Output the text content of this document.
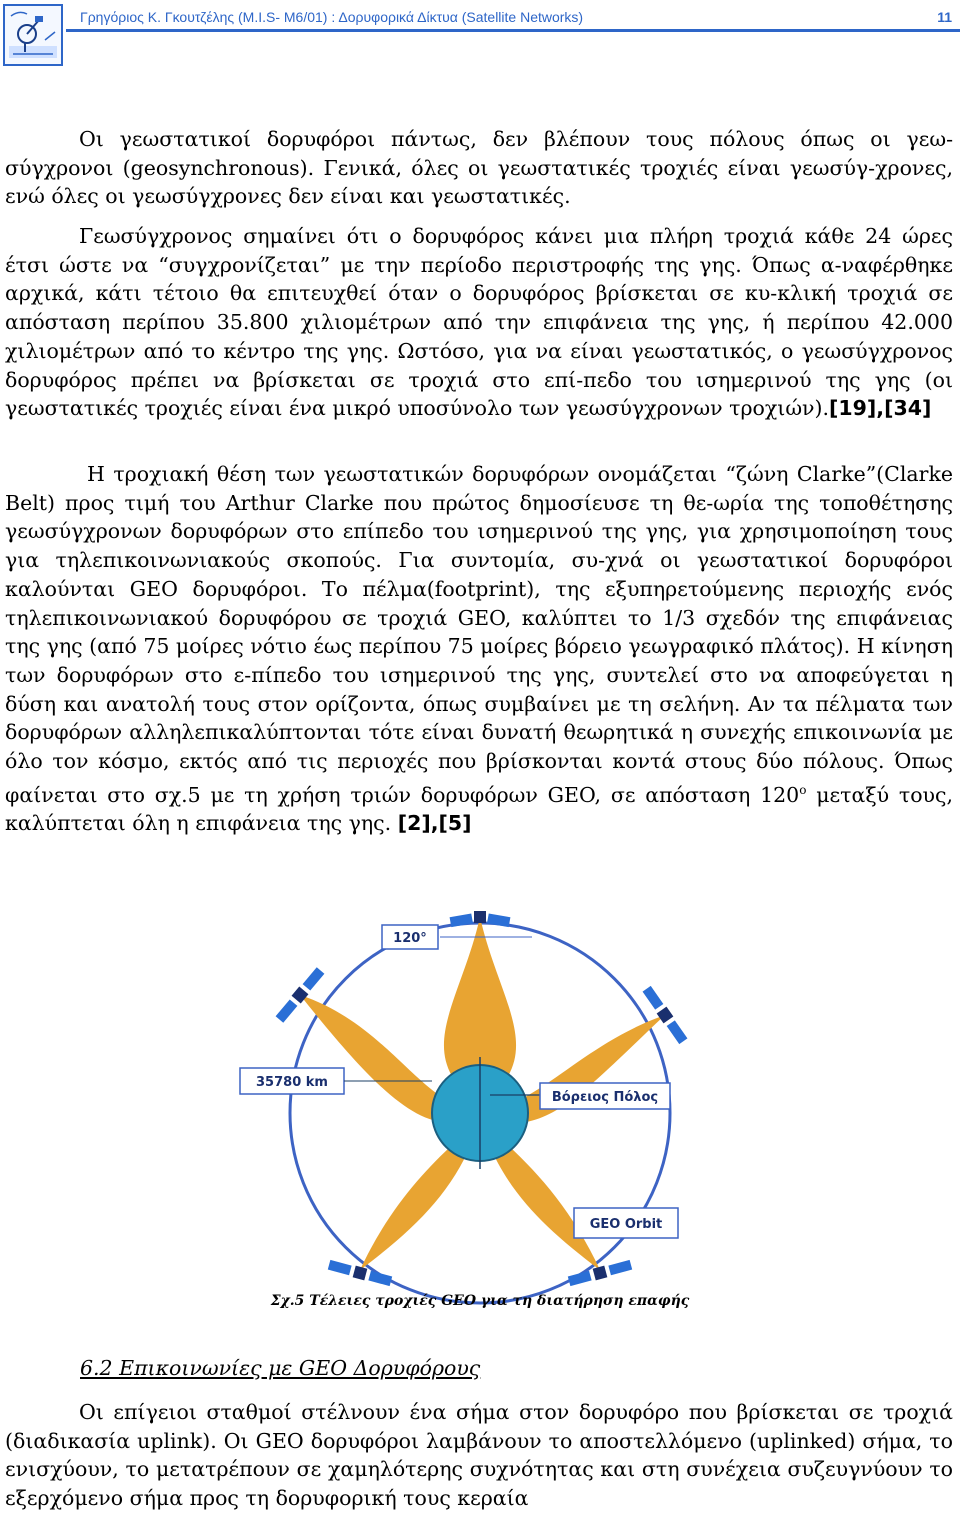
Γρηγόριος Κ. Γκουτζέλης (Μ.Ι.S- Μ6/01) : Δορυφορικά Δίκτυα (Satellite Networks)	11

Οι γεωστατικοί δορυφόροι πάντως, δεν βλέπουν τους πόλους όπως οι γεω-σύγχρονοι (geosynchronous). Γενικά, όλες οι γεωστατικές τροχιές είναι γεωσύγ-χρονες, ενώ όλες οι γεωσύγχρονες δεν είναι και γεωστατικές.

Γεωσύγχρονος σημαίνει ότι ο δορυφόρος κάνει μια πλήρη τροχιά κάθε 24 ώρες έτσι ώστε να “συγχρονίζεται” με την περίοδο περιστροφής της γης. Όπως α-ναφέρθηκε αρχικά, κάτι τέτοιο θα επιτευχθεί όταν ο δορυφόρος βρίσκεται σε κυ-κλική τροχιά σε απόσταση περίπου 35.800 χιλιομέτρων από την επιφάνεια της γης, ή περίπου 42.000 χιλιομέτρων από το κέντρο της γης. Ωστόσο, για να είναι γεωστατικός, ο γεωσύγχρονος δορυφόρος πρέπει να βρίσκεται σε τροχιά στο επί-πεδο του ισημερινού της γης (οι γεωστατικές τροχιές είναι ένα μικρό υποσύνολο των γεωσύγχρονων τροχιών).[19],[34]

Η τροχιακή θέση των γεωστατικών δορυφόρων ονομάζεται “ζώνη Clarke”(Clarke Belt) προς τιμή του Arthur Clarke που πρώτος δημοσίευσε τη θε-ωρία της τοποθέτησης γεωσύγχρονων δορυφόρων στο επίπεδο του ισημερινού της γης, για χρησιμοποίηση τους για τηλεπικοινωνιακούς σκοπούς. Για συντομία, συ-χνά οι γεωστατικοί δορυφόροι καλούνται GEO δορυφόροι. Το πέλμα(footprint), της εξυπηρετούμενης περιοχής ενός τηλεπικοινωνιακού δορυφόρου σε τροχιά GEO, καλύπτει το 1/3 σχεδόν της επιφάνειας της γης (από 75 μοίρες νότιο έως περίπου 75 μοίρες βόρειο γεωγραφικό πλάτος). Η κίνηση των δορυφόρων στο ε-πίπεδο του ισημερινού της γης, συντελεί στο να αποφεύγεται η δύση και ανατολή τους στον ορίζοντα, όπως συμβαίνει με τη σελήνη. Αν τα πέλματα των δορυφόρων αλληλεπικαλύπτονται τότε είναι δυνατή θεωρητικά η συνεχής επικοινωνία με όλο τον κόσμο, εκτός από τις περιοχές που βρίσκονται κοντά στους δύο πόλους. Όπως φαίνεται στο σχ.5 με τη χρήση τριών δορυφόρων GEO, σε απόσταση $120^o$ μεταξύ τους, καλύπτεται όλη η επιφάνεια της γης. [2],[5]

120°
35780 km
Βόρειος Πόλος
GEO Orbit
Σχ.5 Τέλειες τροχιές GEO για τη διατήρηση επαφής
6.2 Επικοινωνίες με GEO Δορυφόρους

Οι επίγειοι σταθμοί στέλνουν ένα σήμα στον δορυφόρο που βρίσκεται σε τροχιά (διαδικασία uplink). Οι GEO δορυφόροι λαμβάνουν το αποστελλόμενο (uplinked) σήμα, το ενισχύουν, το μετατρέπουν σε χαμηλότερης συχνότητας και στη συνέχεια συζευγνύουν το εξερχόμενο σήμα προς τη δορυφορική τους κεραία
